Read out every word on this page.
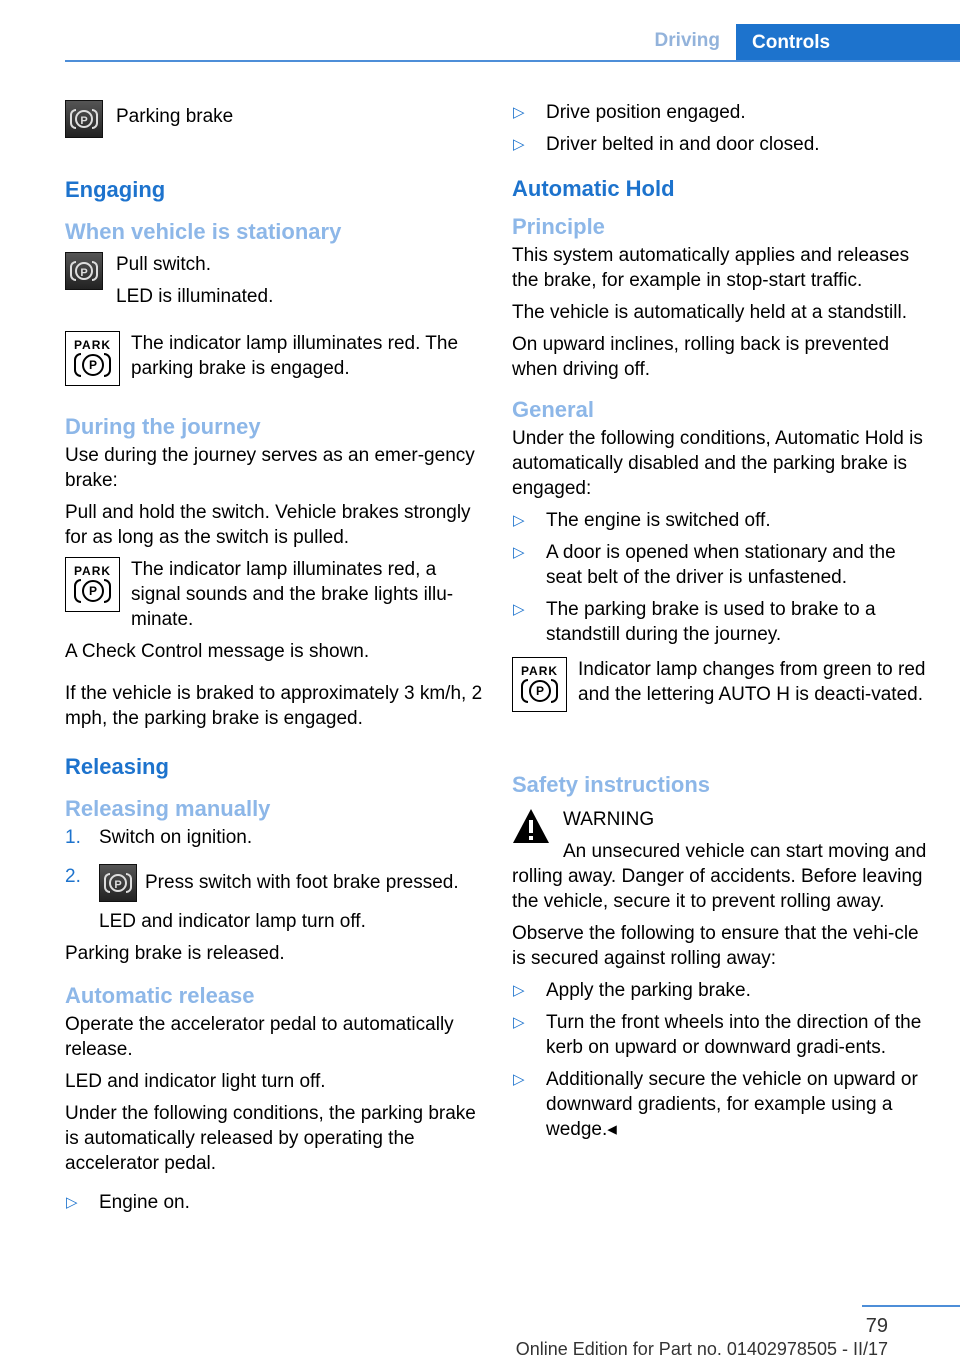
Driving	Controls
P	Parking brake

Engaging
When vehicle is stationary
P	Pull switch.

LED is illuminated.

PARK
P

The indicator lamp illuminates red. The parking brake is engaged.

During the journey

Use during the journey serves as an emer-gency brake:

Pull and hold the switch. Vehicle brakes strongly for as long as the switch is pulled.

PARK
P

The indicator lamp illuminates red, a signal sounds and the brake lights illu-minate.

A Check Control message is shown.

If the vehicle is braked to approximately 3 km/h, 2 mph, the parking brake is engaged.

Releasing
Releasing manually
1. Switch on ignition.
2.	P Press switch with foot brake pressed.

LED and indicator lamp turn off.

Parking brake is released.

Automatic release

Operate the accelerator pedal to automatically release.

LED and indicator light turn off.

Under the following conditions, the parking brake is automatically released by operating the accelerator pedal.

▷ Engine on.
▷ Drive position engaged.
▷ Driver belted in and door closed.
Automatic Hold
Principle

This system automatically applies and releases the brake, for example in stop-start traffic.

The vehicle is automatically held at a standstill.

On upward inclines, rolling back is prevented when driving off.

General

Under the following conditions, Automatic Hold is automatically disabled and the parking brake is engaged:

▷ The engine is switched off.
▷ A door is opened when stationary and the seat belt of the driver is unfastened.
▷ The parking brake is used to brake to a standstill during the journey.
PARK
P

Indicator lamp changes from green to red and the lettering AUTO H is deacti-vated.

Safety instructions

WARNING

An unsecured vehicle can start moving and rolling away. Danger of accidents. Before leaving the vehicle, secure it to prevent rolling away.

Observe the following to ensure that the vehi-cle is secured against rolling away:

▷ Apply the parking brake.
▷ Turn the front wheels into the direction of the kerb on upward or downward gradi-ents.
▷ Additionally secure the vehicle on upward or downward gradients, for example using a wedge.◂
79
Online Edition for Part no. 01402978505 - II/17
